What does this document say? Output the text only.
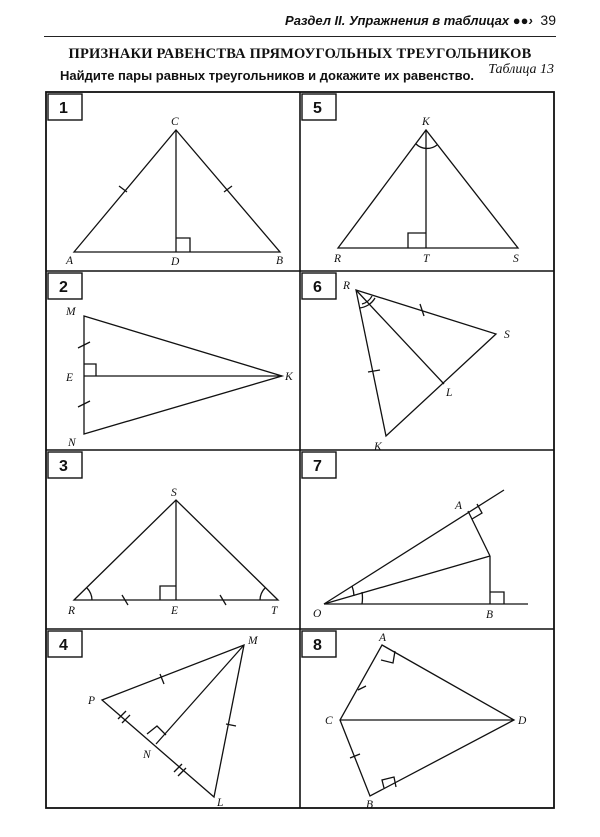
Раздел II. Упражнения в таблицах ●●› 39
ПРИЗНАКИ РАВЕНСТВА ПРЯМОУГОЛЬНЫХ ТРЕУГОЛЬНИКОВ
Таблица 13
Найдите пары равных треугольников и докажите их равенство.
1
2
3
4
5
6
7
8
C
A	D	B
M
E
N
K
S
R	E	T
M
P
N
L
K
R	T	S
R
S
L
K
A
O	B
A
C	D
B
